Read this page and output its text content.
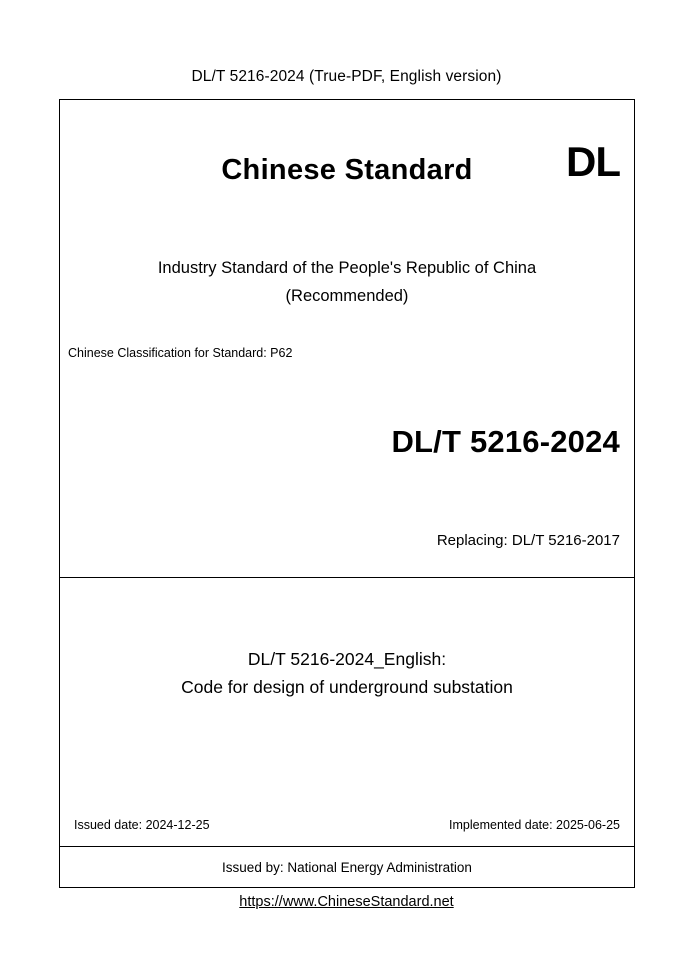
DL/T 5216-2024 (True-PDF, English version)
Chinese Standard	DL
Industry Standard of the People's Republic of China
(Recommended)
Chinese Classification for Standard: P62
DL/T 5216-2024
Replacing: DL/T 5216-2017
DL/T 5216-2024_English:
Code for design of underground substation
Issued date: 2024-12-25	Implemented date: 2025-06-25
Issued by: National Energy Administration
https://www.ChineseStandard.net
